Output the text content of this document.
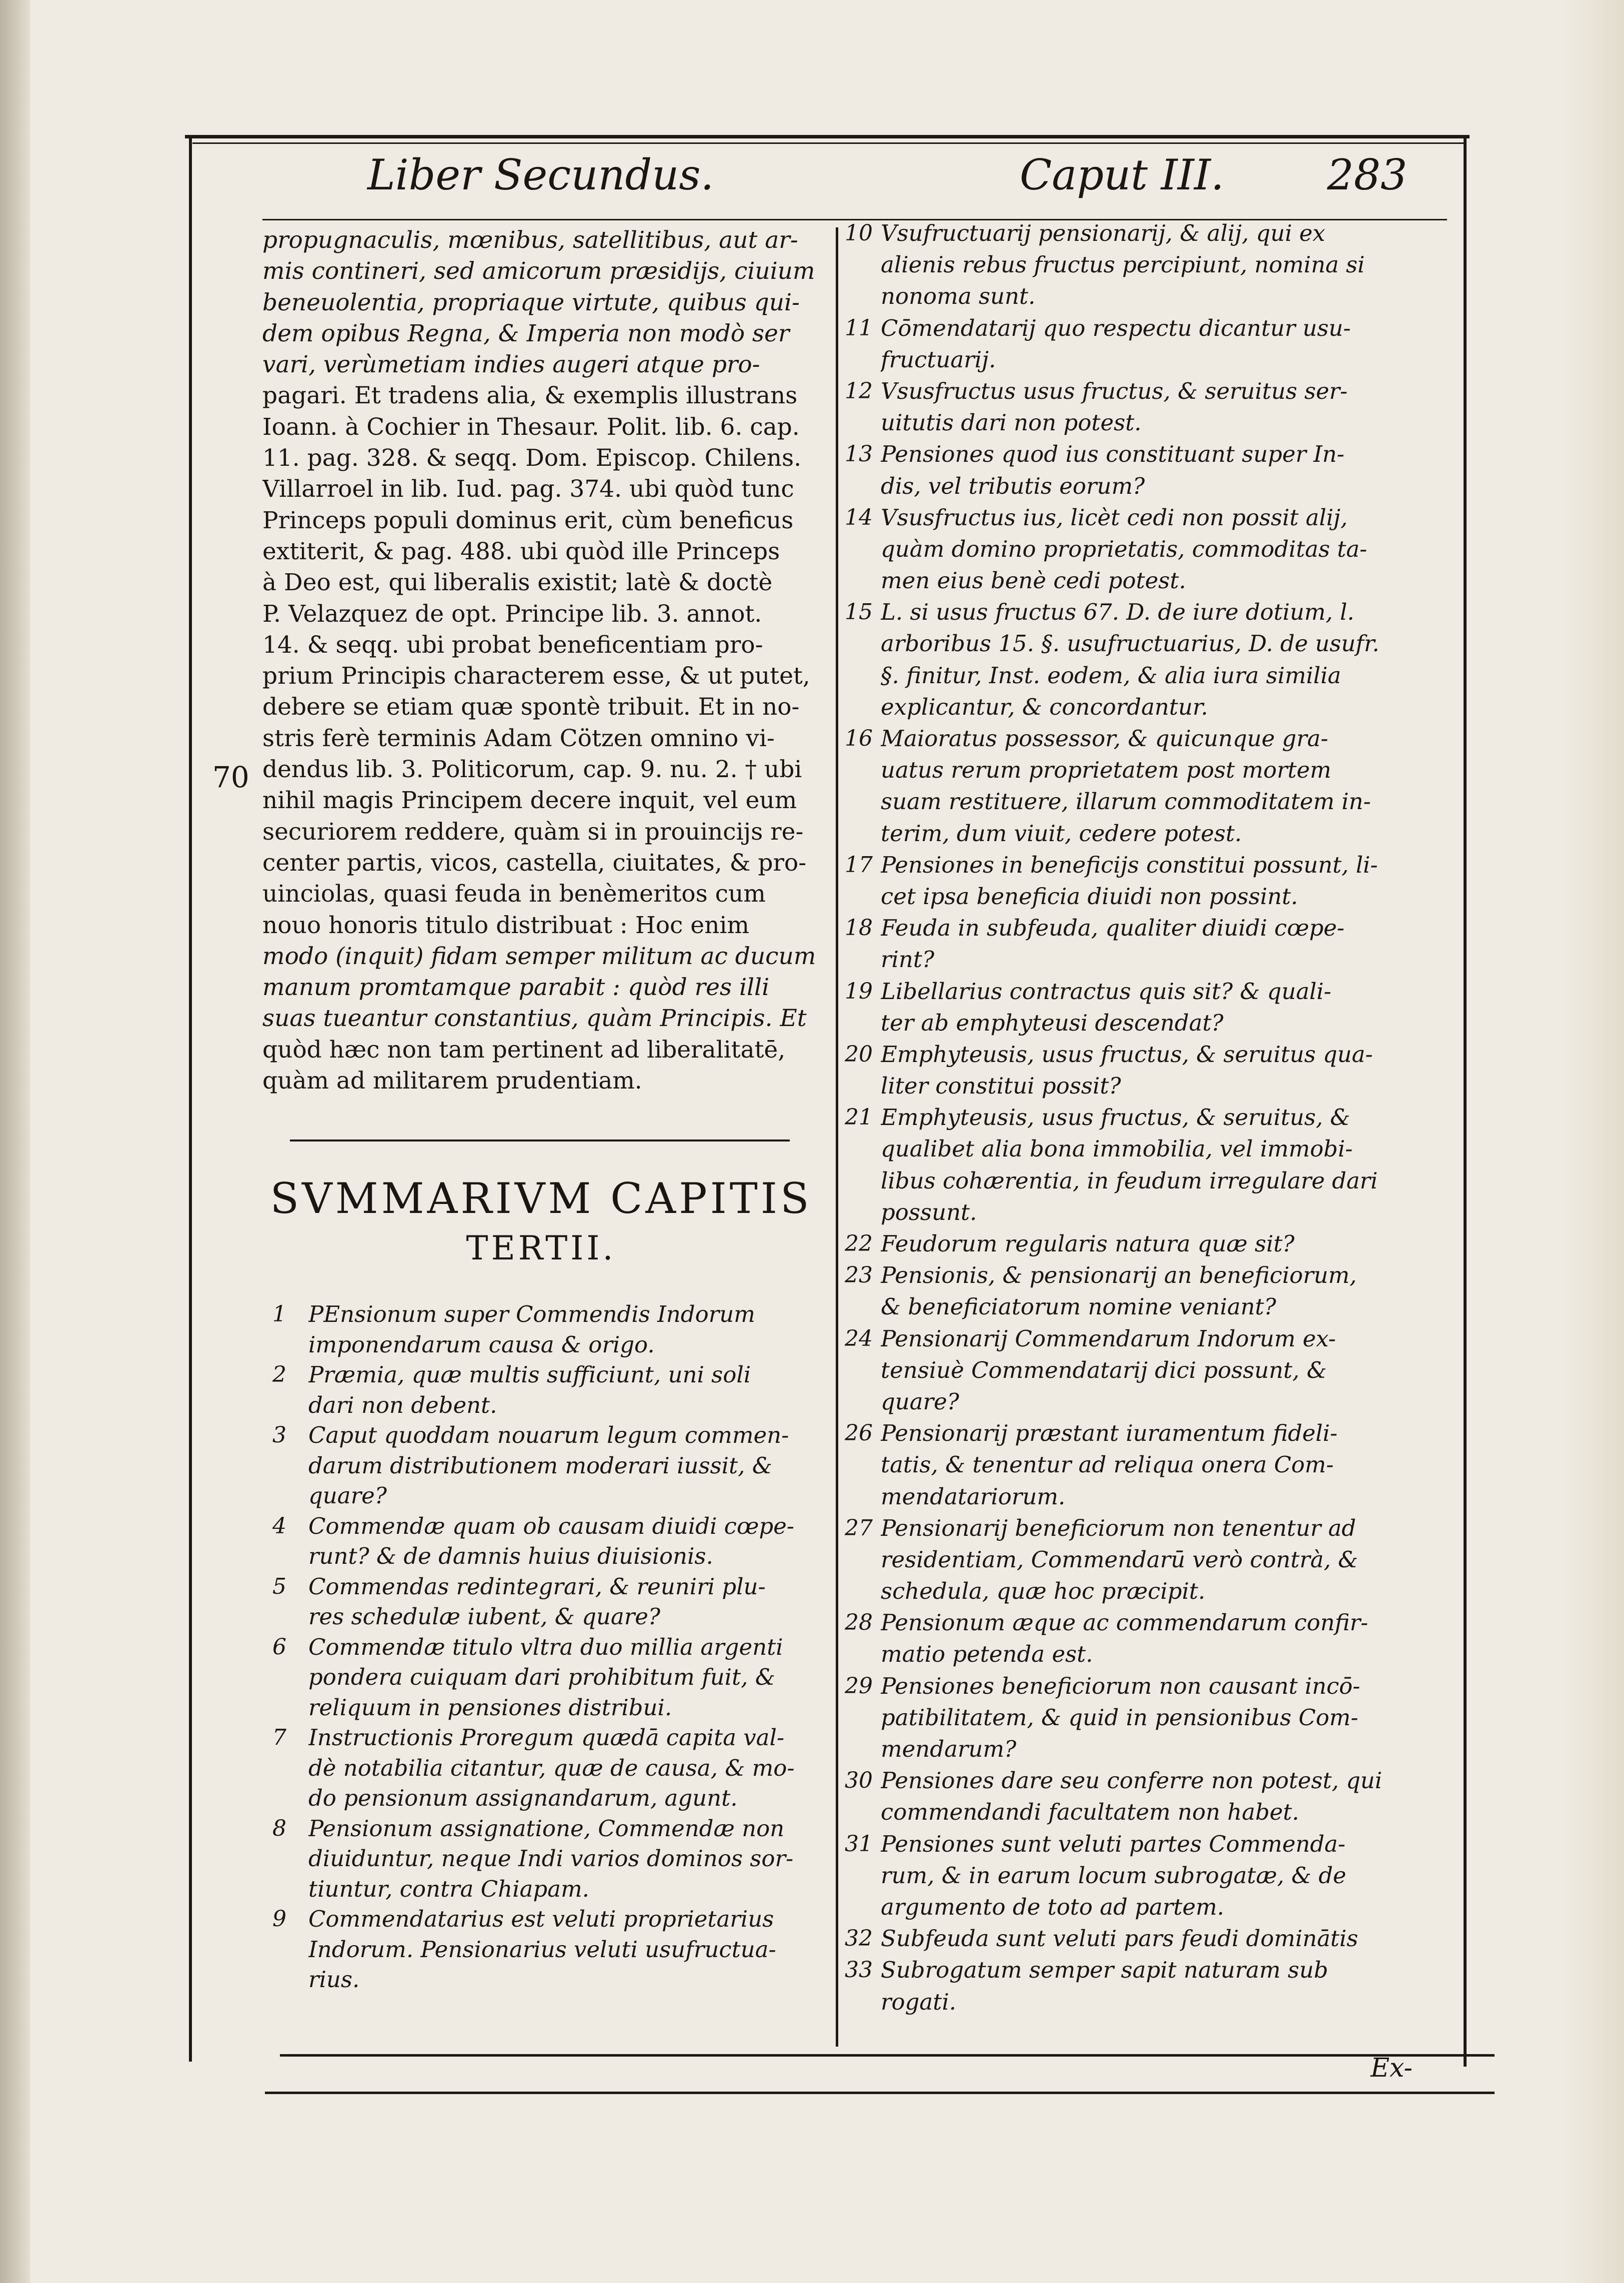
Liber Secundus.	Caput III. 283
70
propugnaculis, mœnibus, satellitibus, aut ar-
mis contineri, sed amicorum præsidijs, ciuium
beneuolentia, propriaque virtute, quibus qui-
dem opibus Regna, & Imperia non modò ser
vari, verùmetiam indies augeri atque pro-
pagari. Et tradens alia, & exemplis illustrans
Ioann. à Cochier in Thesaur. Polit. lib. 6. cap.
11. pag. 328. & seqq. Dom. Episcop. Chilens.
Villarroel in lib. Iud. pag. 374. ubi quòd tunc
Princeps populi dominus erit, cùm beneficus
extiterit, & pag. 488. ubi quòd ille Princeps
à Deo est, qui liberalis existit; latè & doctè
P. Velazquez de opt. Principe lib. 3. annot.
14. & seqq. ubi probat beneficentiam pro-
prium Principis characterem esse, & ut putet,
debere se etiam quæ spontè tribuit. Et in no-
stris ferè terminis Adam Cötzen omnino vi-
dendus lib. 3. Politicorum, cap. 9. nu. 2. † ubi
nihil magis Principem decere inquit, vel eum
securiorem reddere, quàm si in prouincijs re-
center partis, vicos, castella, ciuitates, & pro-
uinciolas, quasi feuda in benèmeritos cum
nouo honoris titulo distribuat : Hoc enim
modo (inquit) fidam semper militum ac ducum
manum promtamque parabit : quòd res illi
suas tueantur constantius, quàm Principis. Et
quòd hæc non tam pertinent ad liberalitatē,
quàm ad militarem prudentiam.
SVMMARIVM CAPITIS
TERTII.
1 PEnsionum super Commendis Indorum
imponendarum causa & origo.
2 Præmia, quæ multis sufficiunt, uni soli
dari non debent.
3 Caput quoddam nouarum legum commen-
darum distributionem moderari iussit, &
quare?
4 Commendæ quam ob causam diuidi cœpe-
runt? & de damnis huius diuisionis.
5 Commendas redintegrari, & reuniri plu-
res schedulæ iubent, & quare?
6 Commendæ titulo vltra duo millia argenti
pondera cuiquam dari prohibitum fuit, &
reliquum in pensiones distribui.
7 Instructionis Proregum quædā capita val-
dè notabilia citantur, quæ de causa, & mo-
do pensionum assignandarum, agunt.
8 Pensionum assignatione, Commendæ non
diuiduntur, neque Indi varios dominos sor-
tiuntur, contra Chiapam.
9 Commendatarius est veluti proprietarius
Indorum. Pensionarius veluti usufructua-
rius.
10 Vsufructuarij pensionarij, & alij, qui ex
alienis rebus fructus percipiunt, nomina si
nonoma sunt.
11 Cōmendatarij quo respectu dicantur usu-
fructuarij.
12 Vsusfructus usus fructus, & seruitus ser-
uitutis dari non potest.
13 Pensiones quod ius constituant super In-
dis, vel tributis eorum?
14 Vsusfructus ius, licèt cedi non possit alij,
quàm domino proprietatis, commoditas ta-
men eius benè cedi potest.
15 L. si usus fructus 67. D. de iure dotium, l.
arboribus 15. §. usufructuarius, D. de usufr.
§. finitur, Inst. eodem, & alia iura similia
explicantur, & concordantur.
16 Maioratus possessor, & quicunque gra-
uatus rerum proprietatem post mortem
suam restituere, illarum commoditatem in-
terim, dum viuit, cedere potest.
17 Pensiones in beneficijs constitui possunt, li-
cet ipsa beneficia diuidi non possint.
18 Feuda in subfeuda, qualiter diuidi cœpe-
rint?
19 Libellarius contractus quis sit? & quali-
ter ab emphyteusi descendat?
20 Emphyteusis, usus fructus, & seruitus qua-
liter constitui possit?
21 Emphyteusis, usus fructus, & seruitus, &
qualibet alia bona immobilia, vel immobi-
libus cohærentia, in feudum irregulare dari
possunt.
22 Feudorum regularis natura quæ sit?
23 Pensionis, & pensionarij an beneficiorum,
& beneficiatorum nomine veniant?
24 Pensionarij Commendarum Indorum ex-
tensiuè Commendatarij dici possunt, &
quare?
26 Pensionarij præstant iuramentum fideli-
tatis, & tenentur ad reliqua onera Com-
mendatariorum.
27 Pensionarij beneficiorum non tenentur ad
residentiam, Commendarū verò contrà, &
schedula, quæ hoc præcipit.
28 Pensionum æque ac commendarum confir-
matio petenda est.
29 Pensiones beneficiorum non causant incō-
patibilitatem, & quid in pensionibus Com-
mendarum?
30 Pensiones dare seu conferre non potest, qui
commendandi facultatem non habet.
31 Pensiones sunt veluti partes Commenda-
rum, & in earum locum subrogatæ, & de
argumento de toto ad partem.
32 Subfeuda sunt veluti pars feudi dominātis
33 Subrogatum semper sapit naturam sub
rogati.
Ex-
